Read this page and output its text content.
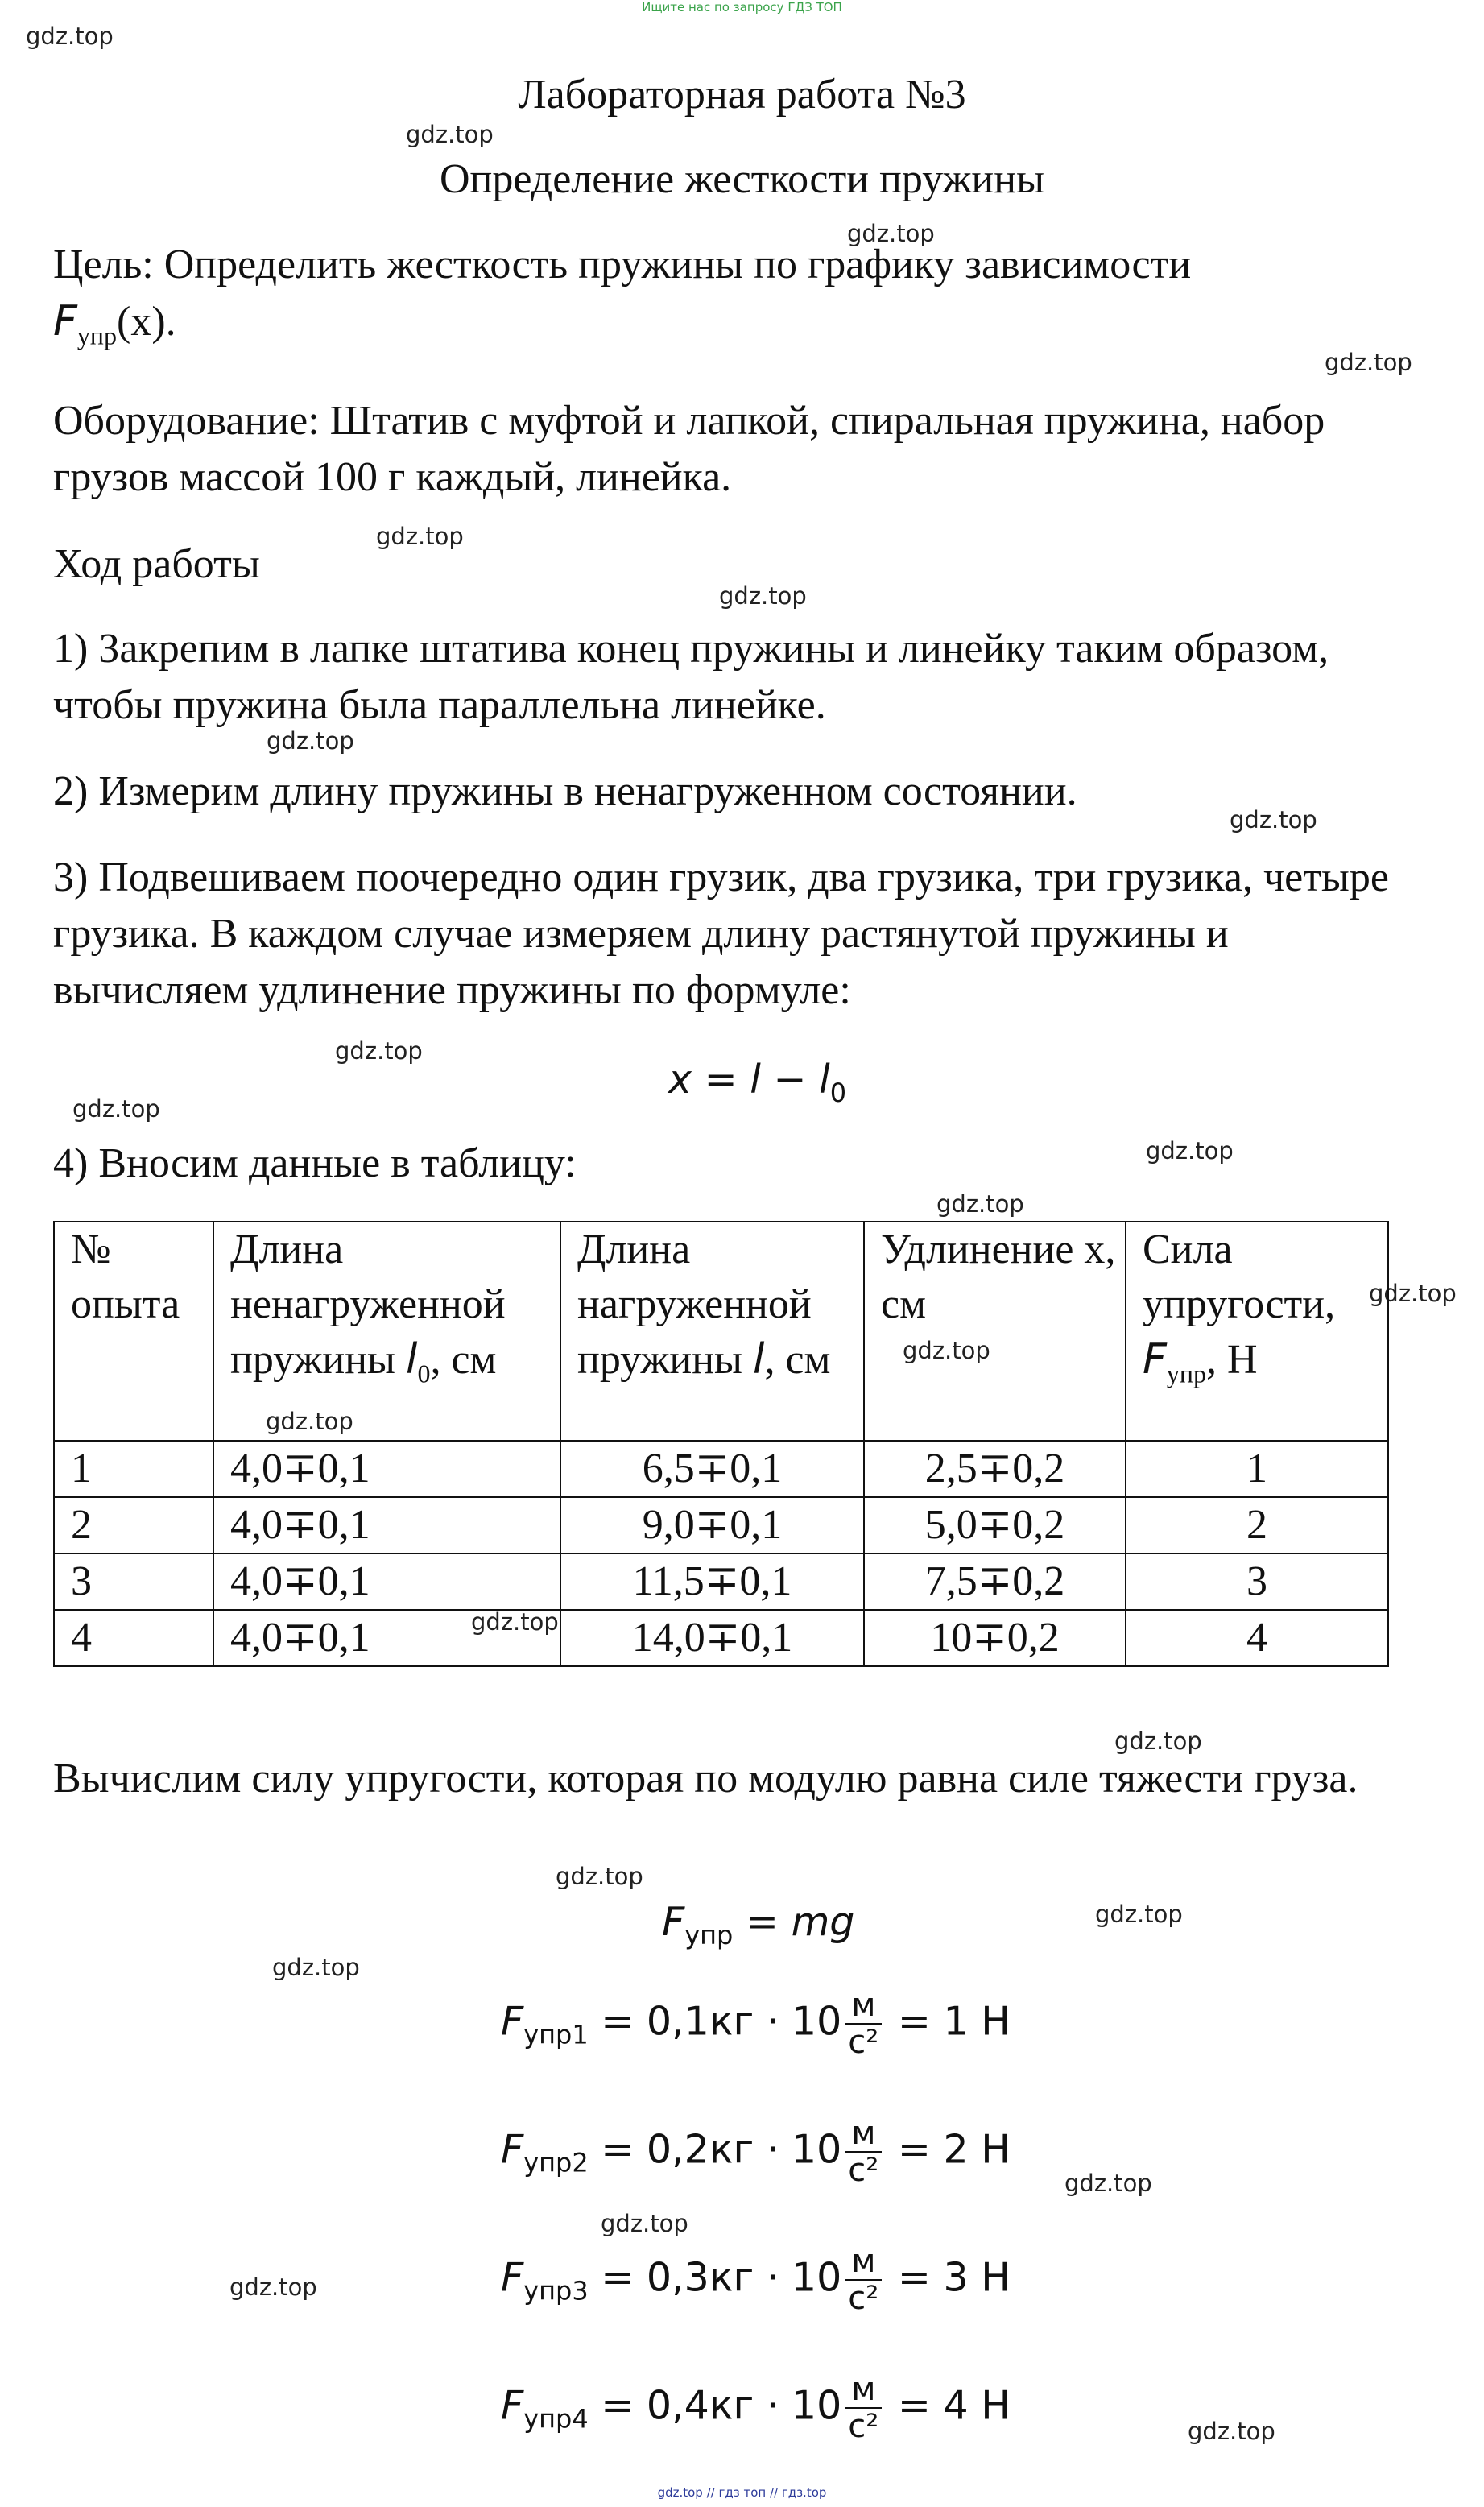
Ищите нас по запросу ГДЗ ТОП
gdz.top
gdz.top
gdz.top
gdz.top
gdz.top
gdz.top
gdz.top
gdz.top
gdz.top
gdz.top
gdz.top
gdz.top
gdz.top
gdz.top
gdz.top
gdz.top
gdz.top
gdz.top
gdz.top
gdz.top
gdz.top
gdz.top
gdz.top
gdz.top
Лабораторная работа №3
Определение жесткости пружины
Цель: Определить жесткость пружины по графику зависимости
$F_{упр}(x)$.
Оборудование: Штатив с муфтой и лапкой, спиральная пружина, набор грузов массой 100 г каждый, линейка.
Ход работы
1) Закрепим в лапке штатива конец пружины и линейку таким образом, чтобы пружина была параллельна линейке.
2) Измерим длину пружины в ненагруженном состоянии.
3) Подвешиваем поочередно один грузик, два грузика, три грузика, четыре грузика. В каждом случае измеряем длину растянутой пружины и вычисляем удлинение пружины по формуле:
$x = l - l_0$
4) Вносим данные в таблицу:
№ опыта	Длина ненагруженной пружины $l_0$, см	Длина нагруженной пружины l, см	Удлинение x, см	Сила упругости, $F_{упр}$, Н
1	4,0∓0,1	6,5∓0,1	2,5∓0,2	1
2	4,0∓0,1	9,0∓0,1	5,0∓0,2	2
3	4,0∓0,1	11,5∓0,1	7,5∓0,2	3
4	4,0∓0,1	14,0∓0,1	10∓0,2	4
Вычислим силу упругости, которая по модулю равна силе тяжести груза.
$F_{упр}$ = mg
$F_{упр1} = 0,1кг \cdot 10 \frac{м}{\text{с²}} = 1$ Н
$F_{упр2} = 0,2кг \cdot 10 \frac{м}{\text{с²}} = 2$ Н
$F_{упр3} = 0,3кг \cdot 10 \frac{м}{\text{с²}} = 3$ Н
$F_{упр4} = 0,4кг \cdot 10 \frac{м}{\text{с²}} = 4$ Н
gdz.top // гдз топ // гдз.top
